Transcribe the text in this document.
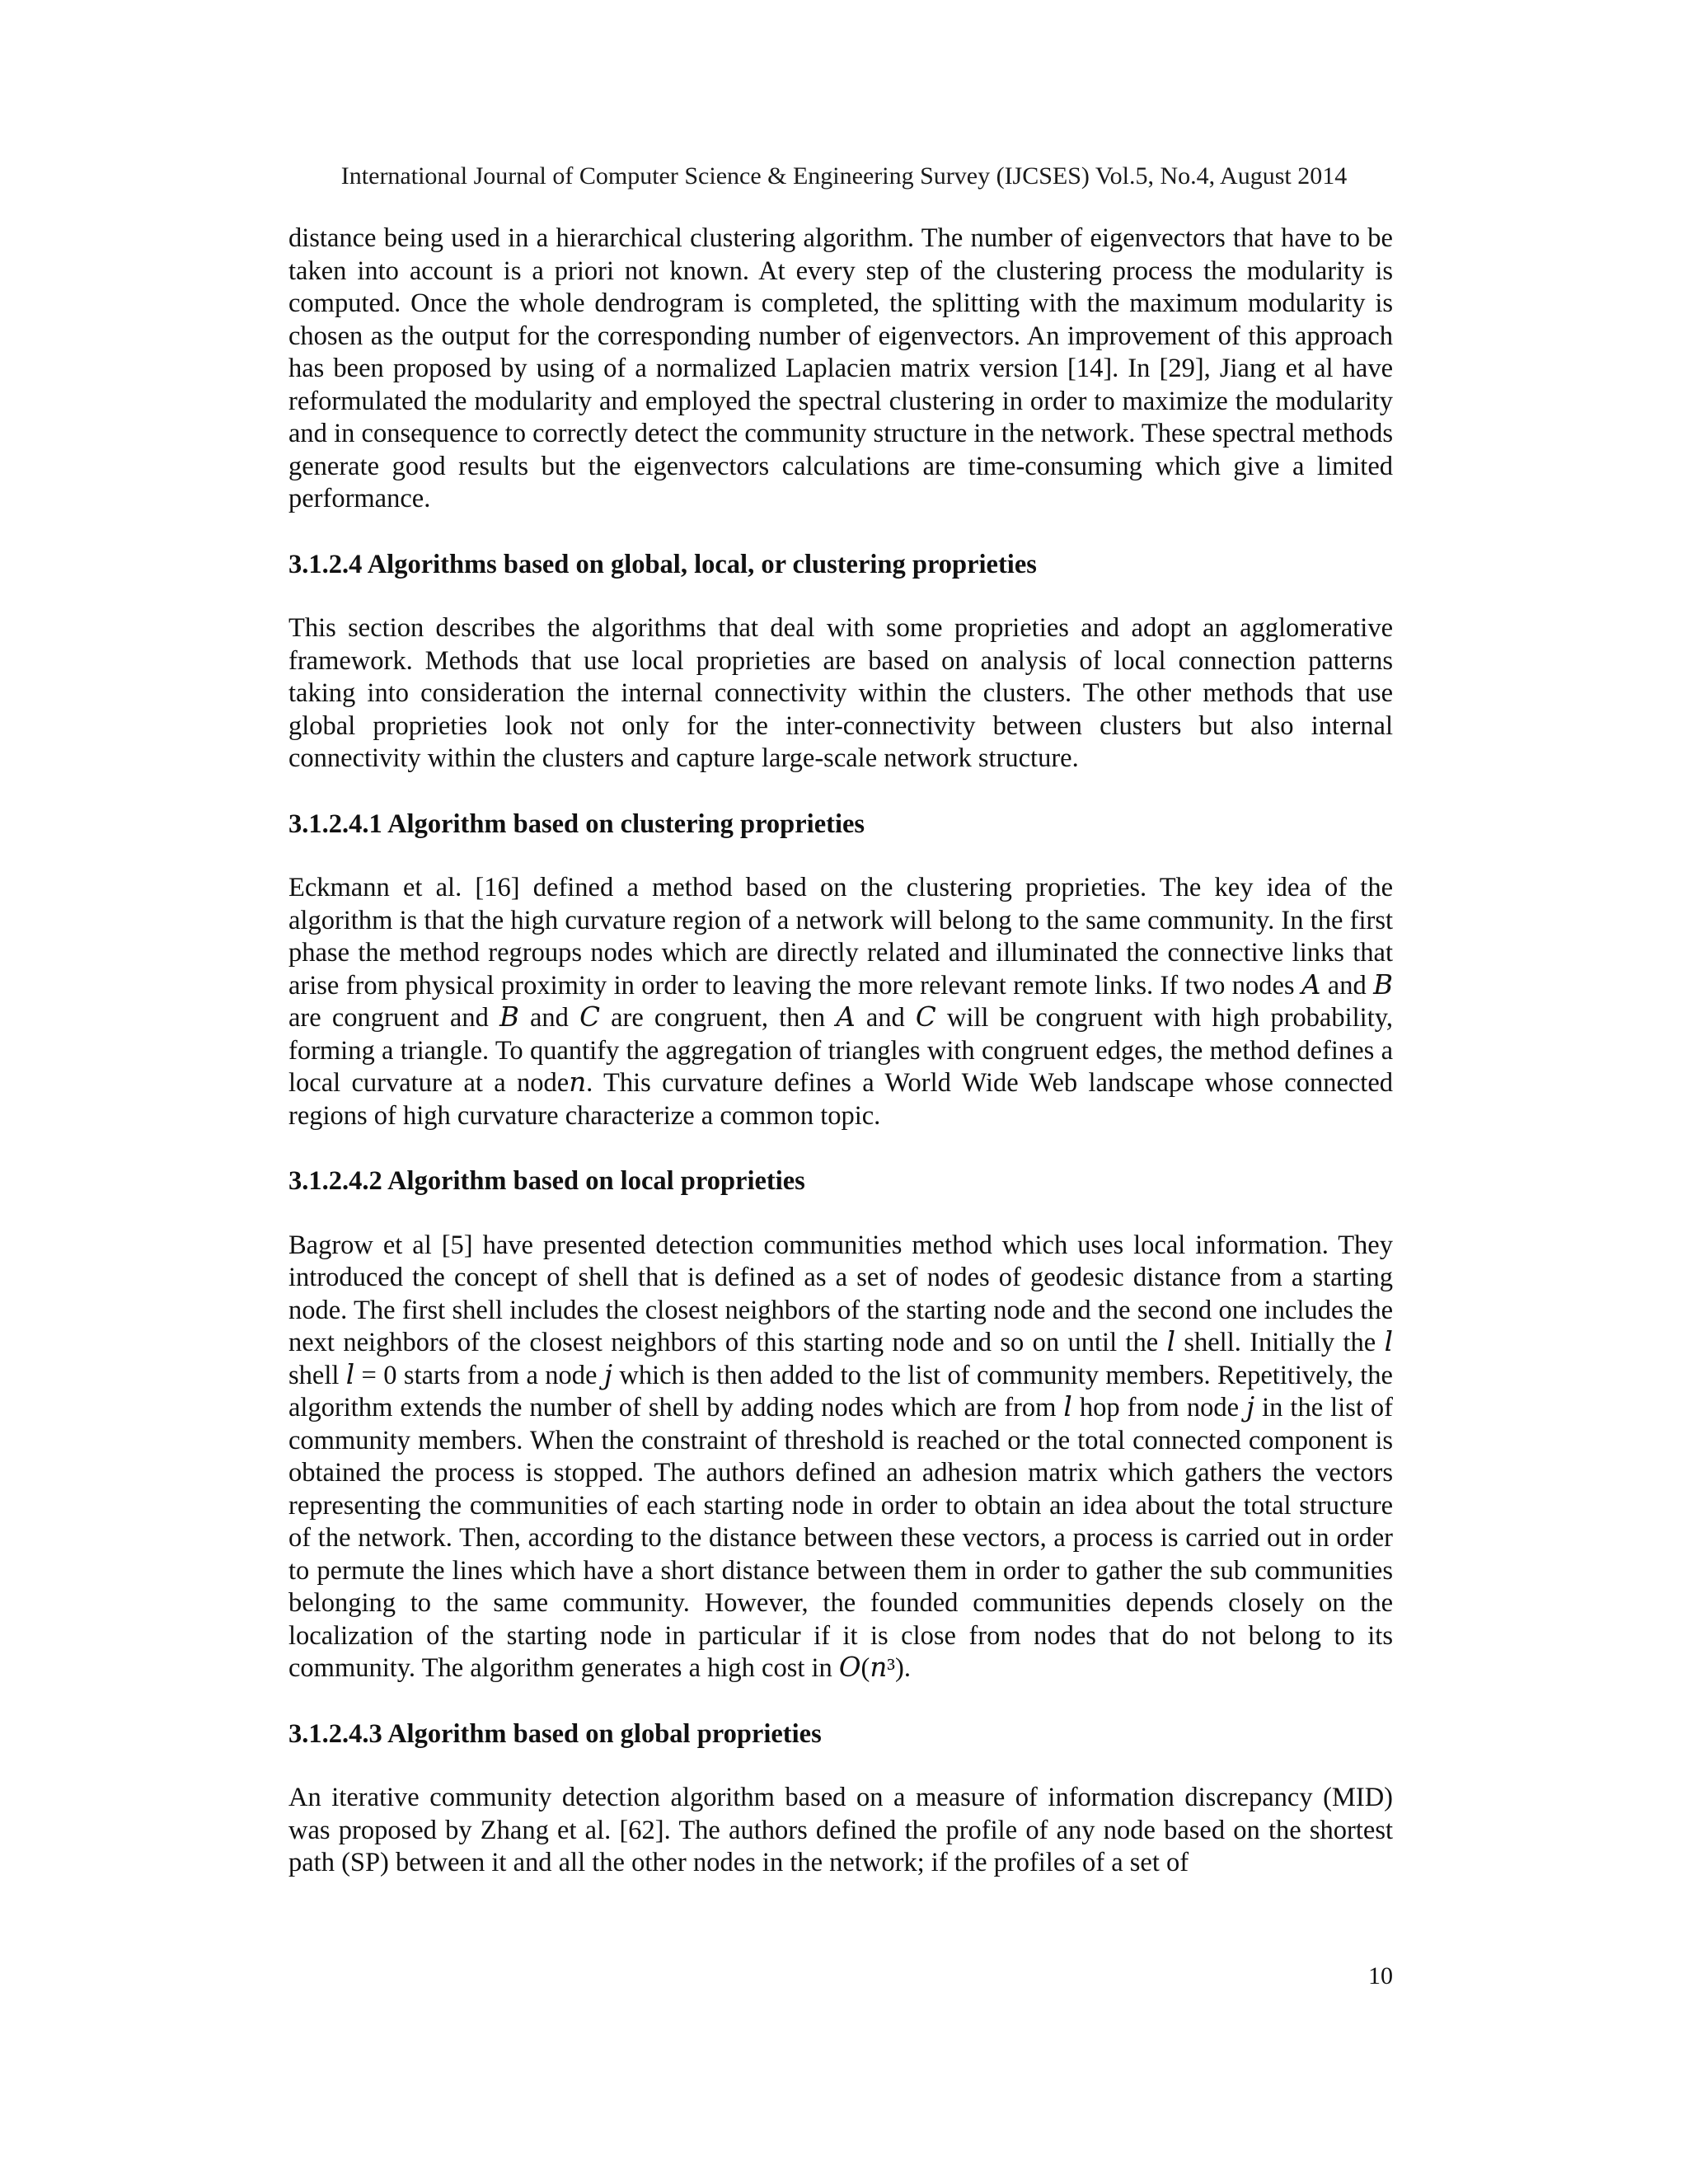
International Journal of Computer Science & Engineering Survey (IJCSES) Vol.5, No.4, August 2014

distance being used in a hierarchical clustering algorithm. The number of eigenvectors that have to be taken into account is a priori not known. At every step of the clustering process the modularity is computed. Once the whole dendrogram is completed, the splitting with the maximum modularity is chosen as the output for the corresponding number of eigenvectors. An improvement of this approach has been proposed by using of a normalized Laplacien matrix version [14]. In [29], Jiang et al have reformulated the modularity and employed the spectral clustering in order to maximize the modularity and in consequence to correctly detect the community structure in the network. These spectral methods generate good results but the eigenvectors calculations are time-consuming which give a limited performance.

3.1.2.4 Algorithms based on global, local, or clustering proprieties

This section describes the algorithms that deal with some proprieties and adopt an agglomerative framework. Methods that use local proprieties are based on analysis of local connection patterns taking into consideration the internal connectivity within the clusters. The other methods that use global proprieties look not only for the inter-connectivity between clusters but also internal connectivity within the clusters and capture large-scale network structure.

3.1.2.4.1 Algorithm based on clustering proprieties

Eckmann et al. [16] defined a method based on the clustering proprieties. The key idea of the algorithm is that the high curvature region of a network will belong to the same community. In the first phase the method regroups nodes which are directly related and illuminated the connective links that arise from physical proximity in order to leaving the more relevant remote links. If two nodes 𝐴 and 𝐵 are congruent and 𝐵 and 𝐶 are congruent, then 𝐴 and 𝐶 will be congruent with high probability, forming a triangle. To quantify the aggregation of triangles with congruent edges, the method defines a local curvature at a node𝑛. This curvature defines a World Wide Web landscape whose connected regions of high curvature characterize a common topic.

3.1.2.4.2 Algorithm based on local proprieties

Bagrow et al [5] have presented detection communities method which uses local information. They introduced the concept of shell that is defined as a set of nodes of geodesic distance from a starting node. The first shell includes the closest neighbors of the starting node and the second one includes the next neighbors of the closest neighbors of this starting node and so on until the 𝑙 shell. Initially the 𝑙 shell 𝑙 = 0 starts from a node 𝑗 which is then added to the list of community members. Repetitively, the algorithm extends the number of shell by adding nodes which are from 𝑙 hop from node 𝑗 in the list of community members. When the constraint of threshold is reached or the total connected component is obtained the process is stopped. The authors defined an adhesion matrix which gathers the vectors representing the communities of each starting node in order to obtain an idea about the total structure of the network. Then, according to the distance between these vectors, a process is carried out in order to permute the lines which have a short distance between them in order to gather the sub communities belonging to the same community. However, the founded communities depends closely on the localization of the starting node in particular if it is close from nodes that do not belong to its community. The algorithm generates a high cost in 𝑂(𝑛³).

3.1.2.4.3 Algorithm based on global proprieties

An iterative community detection algorithm based on a measure of information discrepancy (MID) was proposed by Zhang et al. [62]. The authors defined the profile of any node based on the shortest path (SP) between it and all the other nodes in the network; if the profiles of a set of

10
